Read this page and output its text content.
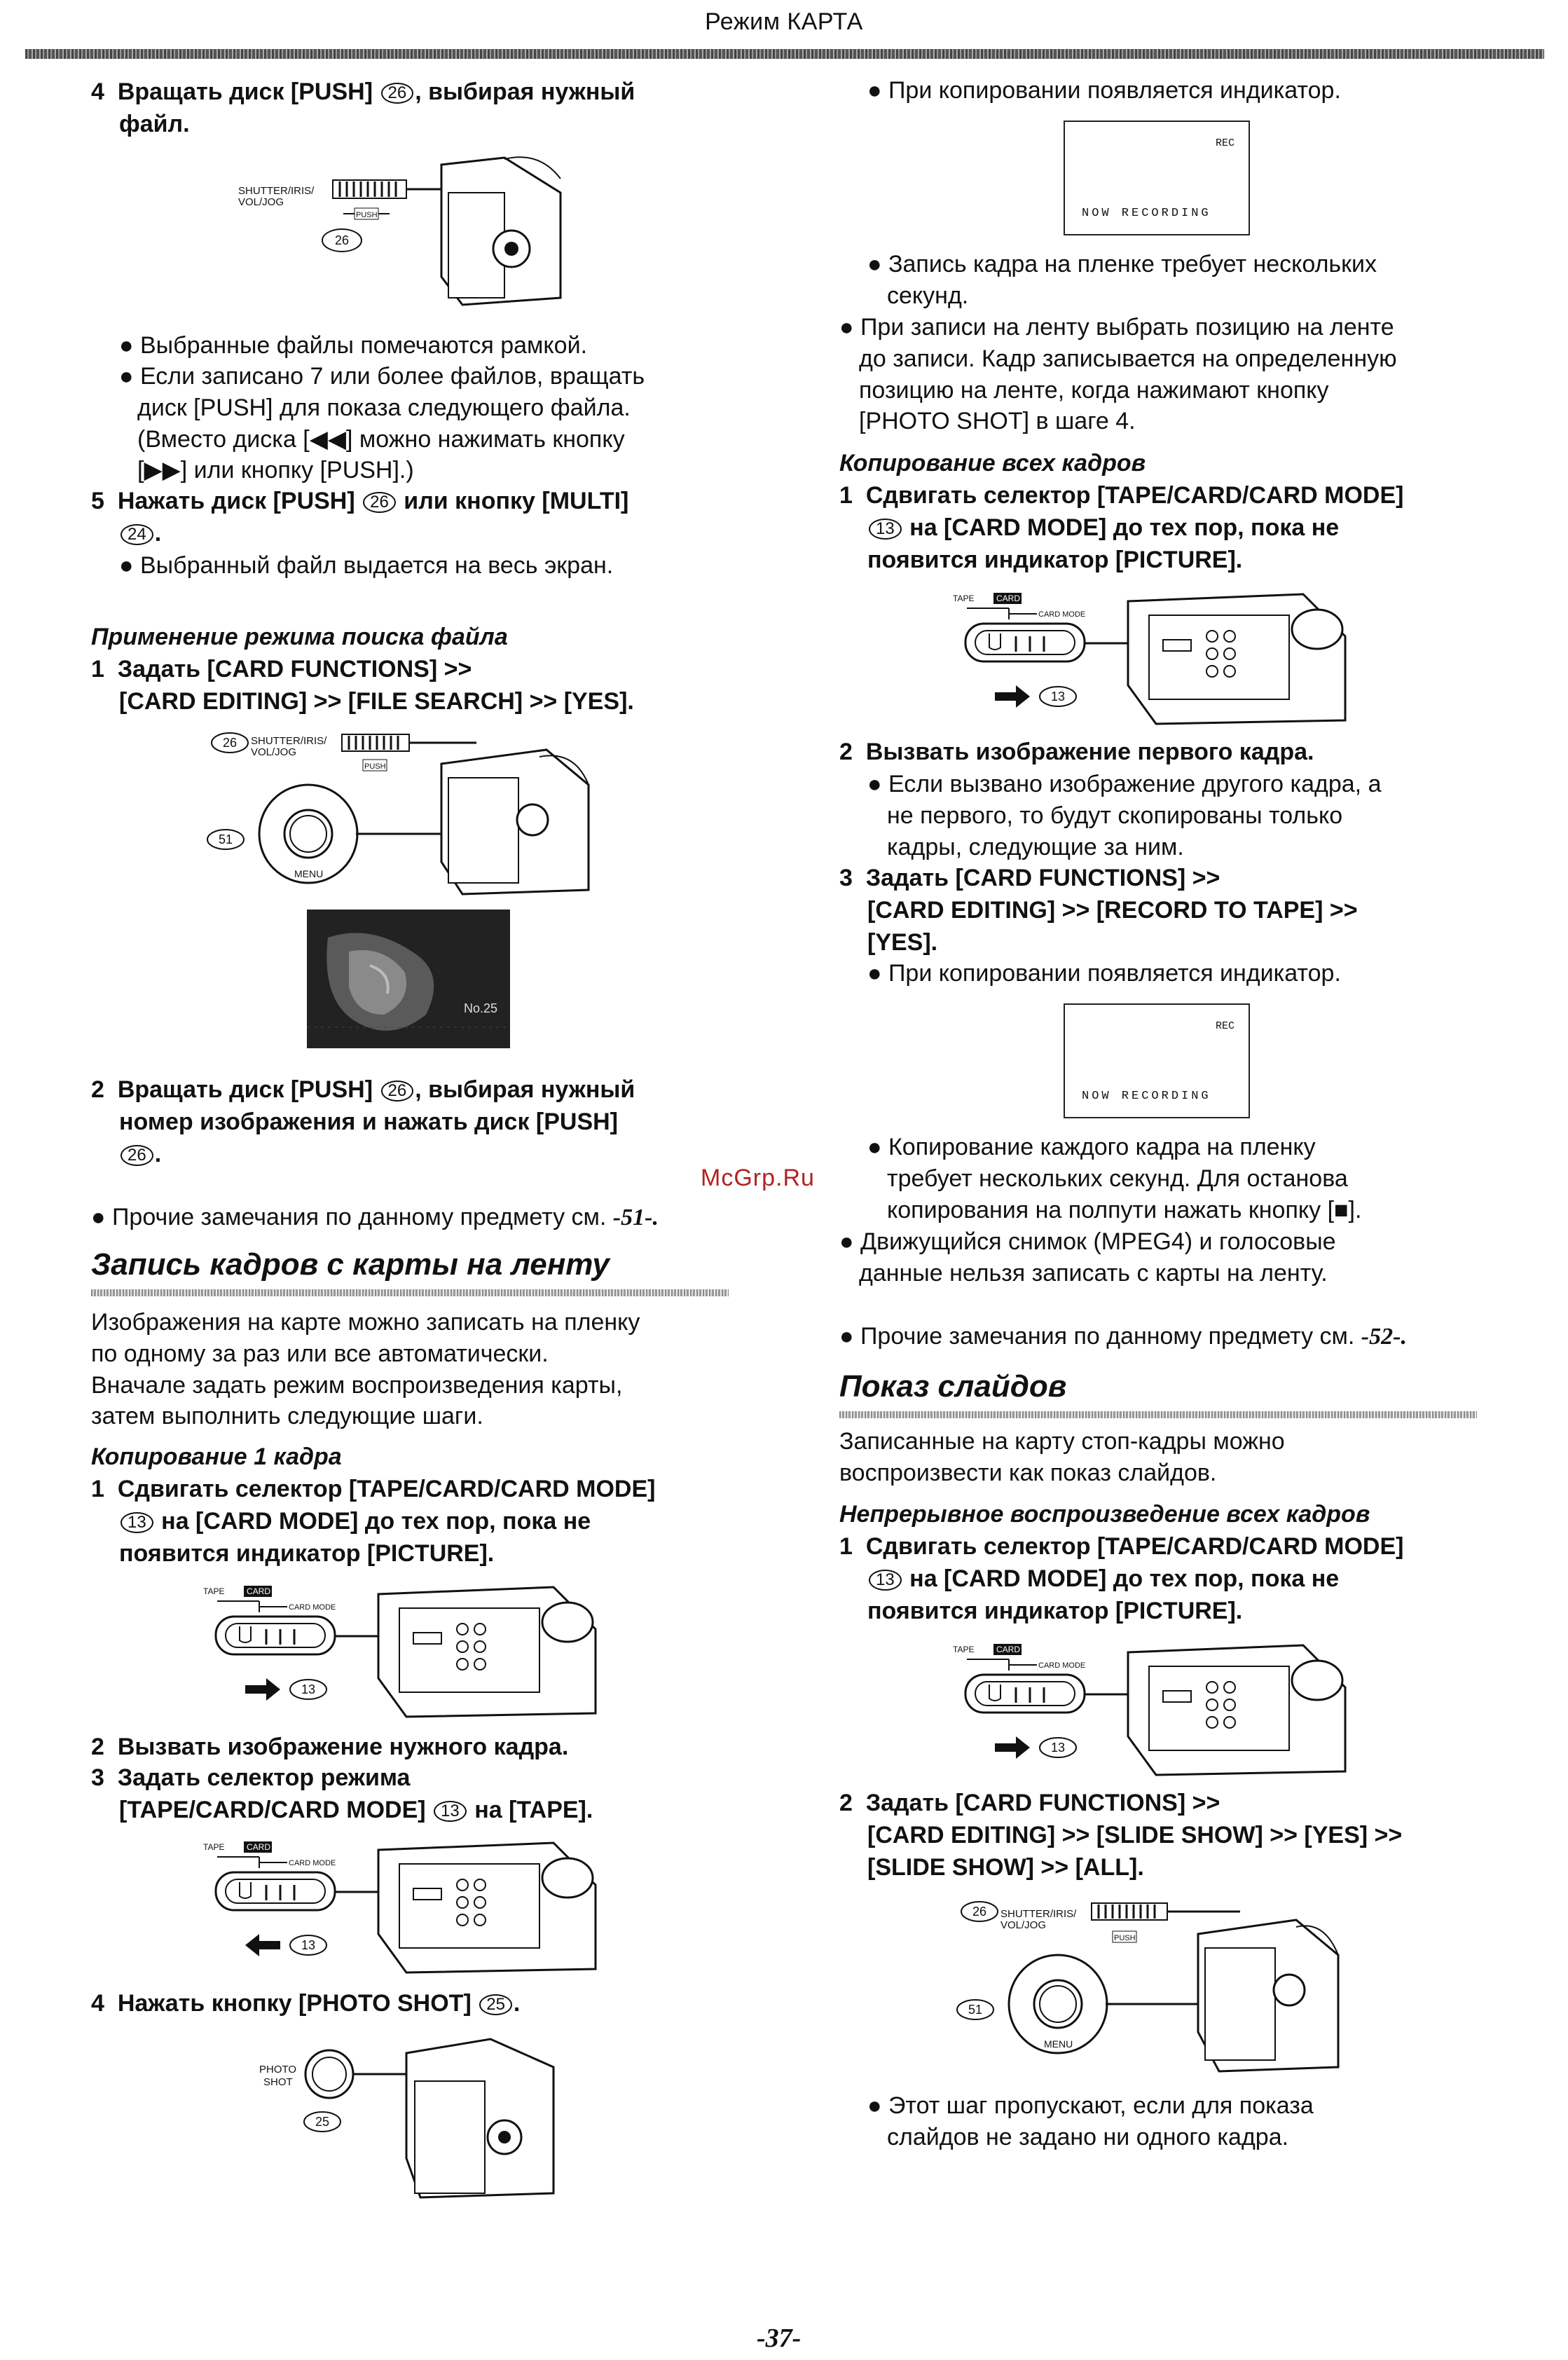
Режим КАРТА
4 Вращать диск [PUSH] 26 , выбирая нужный
файл.
SHUTTER/IRIS/
VOL/JOG
PUSH
26
● Выбранные файлы помечаются рамкой.
● Если записано 7 или более файлов, вращать
диск [PUSH] для показа следующего файла.
(Вместо диска [◀◀] можно нажимать кнопку
[▶▶] или кнопку [PUSH].)
5 Нажать диск [PUSH] 26 или кнопку [MULTI]
24 .
● Выбранный файл выдается на весь экран.
Применение режима поиска файла
1 Задать [CARD FUNCTIONS] >>
[CARD EDITING] >> [FILE SEARCH] >> [YES].
26 SHUTTER/IRIS/
VOL/JOG
PUSH
51
MENU
No.25
2 Вращать диск [PUSH] 26 , выбирая нужный
номер изображения и нажать диск [PUSH]
26 .
● Прочие замечания по данному предмету см. -51-.
McGrp.Ru
Запись кадров с карты на ленту
Изображения на карте можно записать на пленку
по одному за раз или все автоматически.
Вначале задать режим воспроизведения карты,
затем выполнить следующие шаги.
Копирование 1 кадра
1 Сдвигать селектор [TAPE/CARD/CARD MODE]
13 на [CARD MODE] до тех пор, пока не
появится индикатор [PICTURE].
TAPE	CARD
CARD MODE
13
2 Вызвать изображение нужного кадра.
3 Задать селектор режима
[TAPE/CARD/CARD MODE] 13 на [TAPE].
TAPE	CARD
CARD MODE
13
4 Нажать кнопку [PHOTO SHOT] 25 .
PHOTO
SHOT
25
● При копировании появляется индикатор.
REC
NOW RECORDING
● Запись кадра на пленке требует нескольких
секунд.
● При записи на ленту выбрать позицию на ленте
до записи. Кадр записывается на определенную
позицию на ленте, когда нажимают кнопку
[PHOTO SHOT] в шаге 4.
Копирование всех кадров
1 Сдвигать селектор [TAPE/CARD/CARD MODE]
13 на [CARD MODE] до тех пор, пока не
появится индикатор [PICTURE].
TAPE	CARD
CARD MODE
13
2 Вызвать изображение первого кадра.
● Если вызвано изображение другого кадра, а
не первого, то будут скопированы только
кадры, следующие за ним.
3 Задать [CARD FUNCTIONS] >>
[CARD EDITING] >> [RECORD TO TAPE] >>
[YES].
● При копировании появляется индикатор.
REC
NOW RECORDING
● Копирование каждого кадра на пленку
требует нескольких секунд. Для останова
копирования на полпути нажать кнопку [■].
● Движущийся снимок (MPEG4) и голосовые
данные нельзя записать с карты на ленту.
● Прочие замечания по данному предмету см. -52-.
Показ слайдов
Записанные на карту стоп-кадры можно
воспроизвести как показ слайдов.
Непрерывное воспроизведение всех кадров
1 Сдвигать селектор [TAPE/CARD/CARD MODE]
13 на [CARD MODE] до тех пор, пока не
появится индикатор [PICTURE].
TAPE	CARD
CARD MODE
13
2 Задать [CARD FUNCTIONS] >>
[CARD EDITING] >> [SLIDE SHOW] >> [YES] >>
[SLIDE SHOW] >> [ALL].
26 SHUTTER/IRIS/
VOL/JOG
PUSH
51
MENU
● Этот шаг пропускают, если для показа
слайдов не задано ни одного кадра.
-37-
